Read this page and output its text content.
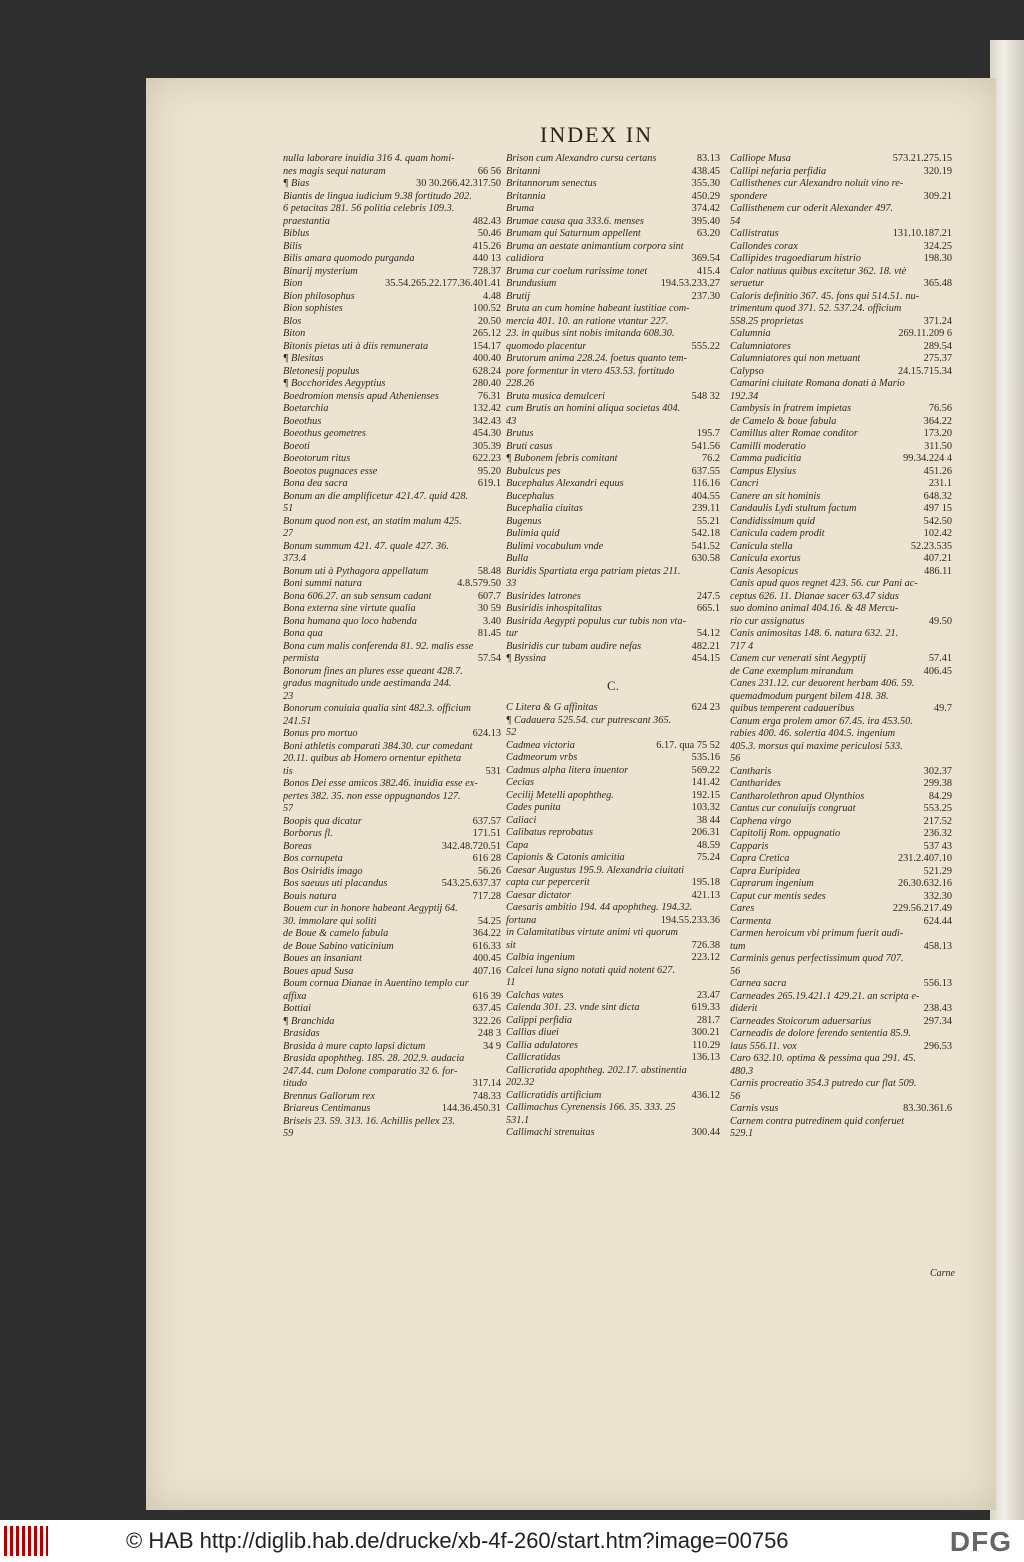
INDEX IN
nulla laborare inuidia 316 4. quam homi-
nes magis sequi naturam	66 56
¶ Bias	30 30.266.42.317.50
Biantis de lingua iudicium 9.38 fortitudo 202.
6 petacitas 281. 56 politia celebris 109.3.
praestantia	482.43
Biblus	50.46
Bilis	415.26
Bilis amara quomodo purganda	440 13
Binarij mysterium	728.37
Bion	35.54.265.22.177.36.401.41
Bion philosophus	4.48
Bion sophistes	100.52
Blos	20.50
Biton	265.12
Bitonis pietas uti à diis remunerata	154.17
¶ Blesitas	400.40
Bletonesij populus	628.24
¶ Bocchorides Aegyptius	280.40
Boedromion mensis apud Athenienses	76.31
Boetarchia	132.42
Boeothus	342.43
Boeothus geometres	454.30
Boeoti	305.39
Boeotorum ritus	622.23
Boeotos pugnaces esse	95.20
Bona dea sacra	619.1
Bonum an die amplificetur 421.47. quid 428.
51
Bonum quod non est, an statim malum 425.
27
Bonum summum 421. 47. quale 427. 36.
373.4
Bonum uti à Pythagora appellatum	58.48
Boni summi natura	4.8.579.50
Bona 606.27. an sub sensum cadant	607.7
Bona externa sine virtute qualia	30 59
Bona humana quo loco habenda	3.40
Bona qua	81.45
Bona cum malis conferenda 81. 92. malis esse
permista	57.54
Bonorum fines an plures esse queant 428.7.
gradus magnitudo unde aestimanda 244.
23
Bonorum conuiuia qualia sint 482.3. officium
241.51
Bonus pro mortuo	624.13
Boni athletis comparati 384.30. cur comedant
20.11. quibus ab Homero ornentur epitheta
tis	531
Bonos Dei esse amicos 382.46. inuidia esse ex-
pertes 382. 35. non esse oppugnandos 127.
57
Boopis qua dicatur	637.57
Borborus fl.	171.51
Boreas	342.48.720.51
Bos cornupeta	616 28
Bos Osiridis imago	56.26
Bos saeuus uti placandus	543.25.637.37
Bouis natura	717.28
Bouem cur in honore habeant Aegyptij 64.
30. immolare qui soliti	54.25
de Boue & camelo fabula	364.22
de Boue Sabino vaticinium	616.33
Boues an insaniant	400.45
Boues apud Susa	407.16
Boum cornua Dianae in Auentino templo cur
affixa	616 39
Bottiai	637.45
¶ Branchida	322.26
Brasidas	248 3
Brasida à mure capto lapsi dictum	34 9
Brasida apophtheg. 185. 28. 202.9. audacia
247.44. cum Dolone comparatio 32 6. for-
titudo	317.14
Brennus Gallorum rex	748.33
Briareus Centimanus	144.36.450.31
Briseis 23. 59. 313. 16. Achillis pellex 23.
59
Brison cum Alexandro cursu certans	83.13
Britanni	438.45
Britannorum senectus	355.30
Britannia	450.29
Bruma	374.42
Brumae causa qua 333.6. menses	395.40
Brumam qui Saturnum appellent	63.20
Bruma an aestate animantium corpora sint
calidiora	369.54
Bruma cur coelum rarissime tonet	415.4
Brundusium	194.53.233.27
Brutij	237.30
Bruta an cum homine habeant iustitiae com-
mercia 401. 10. an ratione vtantur 227.
23. in quibus sint nobis imitanda 608.30.
quomodo placentur	555.22
Brutorum anima 228.24. foetus quanto tem-
pore formentur in vtero 453.53. fortitudo
228.26
Bruta musica demulceri	548 32
cum Brutis an homini aliqua societas 404.
43
Brutus	195.7
Bruti casus	541.56
¶ Bubonem febris comitant	76.2
Bubulcus pes	637.55
Bucephalus Alexandri equus	116.16
Bucephalus	404.55
Bucephalia ciuitas	239.11
Bugenus	55.21
Bulimia quid	542.18
Bulimi vocabulum vnde	541.52
Bulla	630.58
Buridis Spartiata erga patriam pietas 211.
33
Busirides latrones	247.5
Busiridis inhospitalitas	665.1
Busirida Aegypti populus cur tubis non vta-
tur	54.12
Busiridis cur tubam audire nefas	482.21
¶ Byssina	454.15
C.
C Litera & G affinitas	624 23
¶ Cadauera 525.54. cur putrescant 365.
52
Cadmea victoria	6.17. qua 75 52
Cadmeorum vrbs	535.16
Cadmus alpha litera inuentor	569.22
Cecias	141.42
Cecilij Metelli apophtheg.	192.15
Cades punita	103.32
Caliaci	38 44
Calibatus reprobatus	206.31
Capa	48.59
Capionis & Catonis amicitia	75.24
Caesar Augustus 195.9. Alexandria ciuitati
capta cur pepercerit	195.18
Caesar dictator	421.13
Caesaris ambitio 194. 44 apophtheg. 194.32.
fortuna	194.55.233.36
in Calamitatibus virtute animi vti quorum
sit	726.38
Calbia ingenium	223.12
Calcei luna signo notati quid notent 627.
11
Calchas vates	23.47
Calenda 301. 23. vnde sint dicta	619.33
Calippi perfidia	281.7
Callias diuei	300.21
Callia adulatores	110.29
Callicratidas	136.13
Callicratida apophtheg. 202.17. abstinentia
202.32
Callicratidis artificium	436.12
Callimachus Cyrenensis 166. 35. 333. 25
531.1
Callimachi strenuitas	300.44
Calliope Musa	573.21.275.15
Callipi nefaria perfidia	320.19
Callisthenes cur Alexandro noluit vino re-
spondere	309.21
Callisthenem cur oderit Alexander 497.
54
Callistratus	131.10.187.21
Callondes corax	324.25
Callipides tragoediarum histrio	198.30
Calor natiuus quibus excitetur 362. 18. vtè
seruetur	365.48
Caloris definitio 367. 45. fons qui 514.51. nu-
trimentum quod 371. 52. 537.24. officium
558.25 proprietas	371.24
Calumnia	269.11.209 6
Calumniatores	289.54
Calumniatores qui non metuant	275.37
Calypso	24.15.715.34
Camarini ciuitate Romana donati à Mario
192.34
Cambysis in fratrem impietas	76.56
de Camelo & boue fabula	364.22
Camillus alter Romae conditor	173.20
Camilli moderatio	311.50
Camma pudicitia	99.34.224 4
Campus Elysius	451.26
Cancri	231.1
Canere an sit hominis	648.32
Candaulis Lydi stultum factum	497 15
Candidissimum quid	542.50
Canicula cadem prodit	102.42
Canicula stella	52.23.535
Canicula exortus	407.21
Canis Aesopicus	486.11
Canis apud quos regnet 423. 56. cur Pani ac-
ceptus 626. 11. Dianae sacer 63.47 sidus
suo domino animal 404.16. & 48 Mercu-
rio cur assignatus	49.50
Canis animositas 148. 6. natura 632. 21.
717 4
Canem cur venerati sint Aegyptij	57.41
de Cane exemplum mirandum	406.45
Canes 231.12. cur deuorent herbam 406. 59.
quemadmodum purgent bilem 418. 38.
quibus temperent cadaueribus	49.7
Canum erga prolem amor 67.45. ira 453.50.
rabies 400. 46. solertia 404.5. ingenium
405.3. morsus qui maxime periculosi 533.
56
Cantharis	302.37
Cantharides	299.38
Cantharolethron apud Olynthios	84.29
Cantus cur conuiuijs congruat	553.25
Caphena virgo	217.52
Capitolij Rom. oppugnatio	236.32
Capparis	537 43
Capra Cretica	231.2.407.10
Capra Euripidea	521.29
Caprarum ingenium	26.30.632.16
Caput cur mentis sedes	332.30
Cares	229.56.217.49
Carmenta	624.44
Carmen heroicum vbi primum fuerit audi-
tum	458.13
Carminis genus perfectissimum quod 707.
56
Carnea sacra	556.13
Carneades 265.19.421.1 429.21. an scripta e-
diderit	238.43
Carneades Stoicorum aduersarius	297.34
Carneadis de dolore ferendo sententia 85.9.
laus 556.11. vox	296.53
Caro 632.10. optima & pessima qua 291. 45.
480.3
Carnis procreatio 354.3 putredo cur flat 509.
56
Carnis vsus	83.30.361.6
Carnem contra putredinem quid conferuet
529.1
Carne
© HAB http://diglib.hab.de/drucke/xb-4f-260/start.htm?image=00756	DFG
